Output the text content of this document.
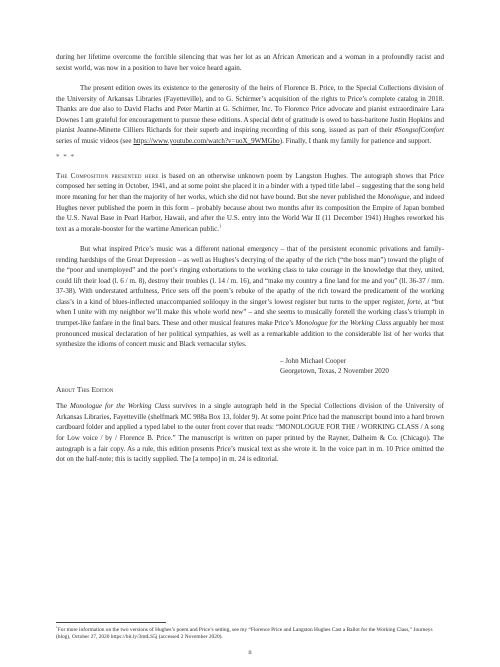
during her lifetime overcome the forcible silencing that was her lot as an African American and a woman in a profoundly racist and sexist world, was now in a position to have her voice heard again.

The present edition owes its existence to the generosity of the heirs of Florence B. Price, to the Special Collections division of the University of Arkansas Libraries (Fayetteville), and to G. Schirmer’s acquisition of the rights to Price’s complete catalog in 2018. Thanks are due also to David Flachs and Peter Martin at G. Schirmer, Inc. To Florence Price advocate and pianist extraordinaire Lara Downes I am grateful for encouragement to pursue these editions. A special debt of gratitude is owed to bass-baritone Justin Hopkins and pianist Jeanne-Minette Cilliers Richards for their superb and inspiring recording of this song, issued as part of their #SongsofComfort series of music videos (see https://www.youtube.com/watch?v=uoX_9WMGbo). Finally, I thank my family for patience and support.

* * *

The Composition presented here is based on an otherwise unknown poem by Langston Hughes. The autograph shows that Price composed her setting in October, 1941, and at some point she placed it in a binder with a typed title label – suggesting that the song held more meaning for her than the majority of her works, which she did not have bound. But she never published the Monologue, and indeed Hughes never published the poem in this form – probably because about two months after its composition the Empire of Japan bombed the U.S. Naval Base in Pearl Harbor, Hawaii, and after the U.S. entry into the World War II (11 December 1941) Hughes reworked his text as a morale-booster for the wartime American public.$^1$

But what inspired Price’s music was a different national emergency – that of the persistent economic privations and family-rending hardships of the Great Depression – as well as Hughes’s decrying of the apathy of the rich (“the boss man”) toward the plight of the “poor and unemployed” and the poet’s ringing exhortations to the working class to take courage in the knowledge that they, united, could lift their load (l. 6 / m. 8), destroy their troubles (l. 14 / m. 16), and “make my country a fine land for me and you” (ll. 36-37 / mm. 37-38). With understated artfulness, Price sets off the poem’s rebuke of the apathy of the rich toward the predicament of the working class’s in a kind of blues-inflected unaccompanied soliloquy in the singer’s lowest register but turns to the upper register, forte, at “but when I unite with my neighbor we’ll make this whole world new” – and she seems to musically foretell the working class’s triumph in trumpet-like fanfare in the final bars. These and other musical features make Price’s Monologue for the Working Class arguably her most pronounced musical declaration of her political sympathies, as well as a remarkable addition to the considerable list of her works that synthesize the idioms of concert music and Black vernacular styles.

– John Michael Cooper

Georgetown, Texas, 2 November 2020

About This Edition

The Monologue for the Working Class survives in a single autograph held in the Special Collections division of the University of Arkansas Libraries, Fayetteville (shelfmark MC 988a Box 13, folder 9). At some point Price had the manuscript bound into a hard brown cardboard folder and applied a typed label to the outer front cover that reads: “MONOLOGUE FOR THE / WORKING CLASS / A song for Low voice / by / Florence B. Price.” The manuscript is written on paper printed by the Rayner, Dalheim & Co. (Chicago). The autograph is a fair copy. As a rule, this edition presents Price’s musical text as she wrote it. In the voice part in m. 10 Price omitted the dot on the half-note; this is tacitly supplied. The [a tempo] in m. 24 is editorial.

$^1$For more information on the two versions of Hughes’s poem and Price’s setting, see my “Florence Price and Langston Hughes Cast a Ballot for the Working Class,” Journeys (blog), October 27, 2020 https://bit.ly/3mtLS5j (accessed 2 November 2020).
ii
